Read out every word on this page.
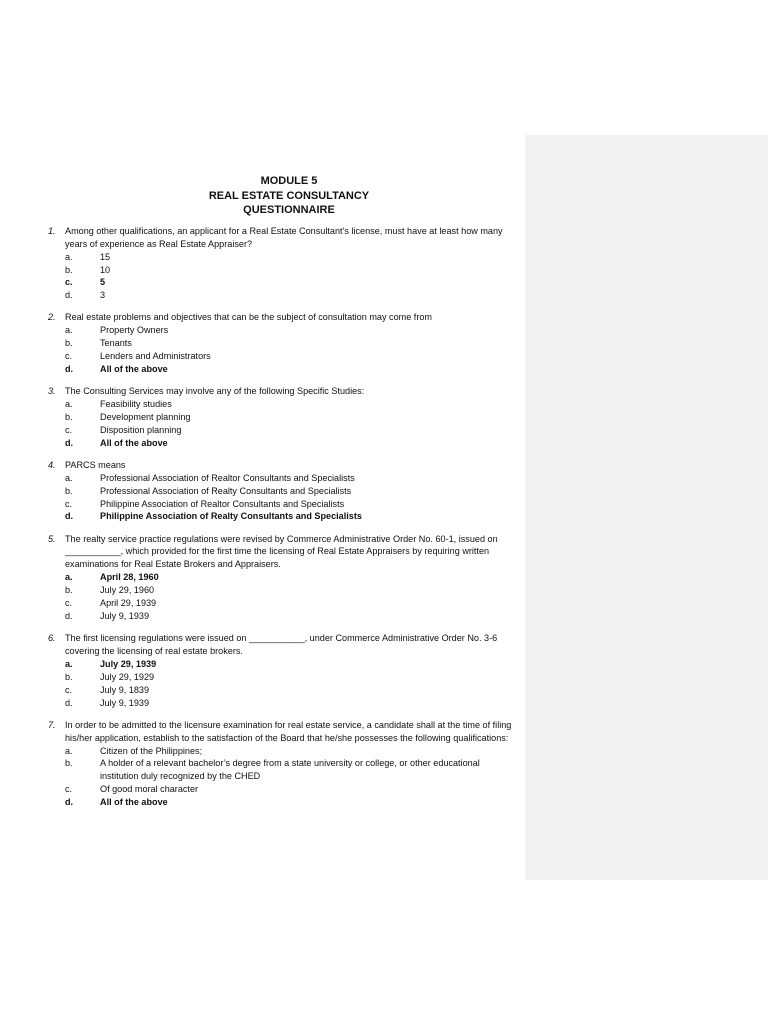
MODULE 5
REAL ESTATE CONSULTANCY
QUESTIONNAIRE
1.	Among other qualifications, an applicant for a Real Estate Consultant’s license, must have at least how many years of experience as Real Estate Appraiser?
a.	15
b.	10
c.	5
d.	3
2.	Real estate problems and objectives that can be the subject of consultation may come from
a.	Property Owners
b.	Tenants
c.	Lenders and Administrators
d.	All of the above
3.	The Consulting Services may involve any of the following Specific Studies:
a.	Feasibility studies
b.	Development planning
c.	Disposition planning
d.	All of the above
4.	PARCS means
a.	Professional Association of Realtor Consultants and Specialists
b.	Professional Association of Realty Consultants and Specialists
c.	Philippine Association of Realtor Consultants and Specialists
d.	Philippine Association of Realty Consultants and Specialists
5.	The realty service practice regulations were revised by Commerce Administrative Order No. 60-1, issued on ___________, which provided for the first time the licensing of Real Estate Appraisers by requiring written examinations for Real Estate Brokers and Appraisers.
a.	April 28, 1960
b.	July 29, 1960
c.	April 29, 1939
d.	July 9, 1939
6.	The first licensing regulations were issued on ___________, under Commerce Administrative Order No. 3-6 covering the licensing of real estate brokers.
a.	July 29, 1939
b.	July 29, 1929
c.	July 9, 1839
d.	July 9, 1939
7.	In order to be admitted to the licensure examination for real estate service, a candidate shall at the time of filing his/her application, establish to the satisfaction of the Board that he/she possesses the following qualifications:
a.	Citizen of the Philippines;
b.	A holder of a relevant bachelor’s degree from a state university or college, or other educational institution duly recognized by the CHED
c.	Of good moral character
d.	All of the above
